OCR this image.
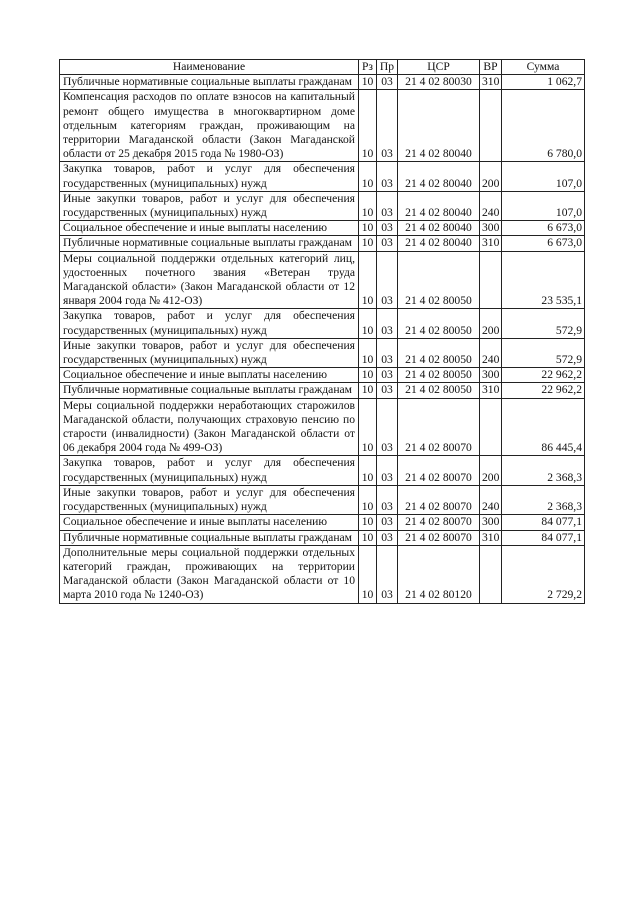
Наименование	Рз	Пр	ЦСР	ВР	Сумма
Публичные нормативные социальные выплаты гражданам	10	03	21 4 02 80030	310	1 062,7
Компенсация расходов по оплате взносов на капитальный ремонт общего имущества в многоквартирном доме отдельным категориям граждан, проживающим на территории Магаданской области (Закон Магаданской области от 25 декабря 2015 года № 1980-ОЗ)	10	03	21 4 02 80040		6 780,0
Закупка товаров, работ и услуг для обеспечения государственных (муниципальных) нужд	10	03	21 4 02 80040	200	107,0
Иные закупки товаров, работ и услуг для обеспечения государственных (муниципальных) нужд	10	03	21 4 02 80040	240	107,0
Социальное обеспечение и иные выплаты населению	10	03	21 4 02 80040	300	6 673,0
Публичные нормативные социальные выплаты гражданам	10	03	21 4 02 80040	310	6 673,0
Меры социальной поддержки отдельных категорий лиц, удостоенных почетного звания «Ветеран труда Магаданской области» (Закон Магаданской области от 12 января 2004 года № 412-ОЗ)	10	03	21 4 02 80050		23 535,1
Закупка товаров, работ и услуг для обеспечения государственных (муниципальных) нужд	10	03	21 4 02 80050	200	572,9
Иные закупки товаров, работ и услуг для обеспечения государственных (муниципальных) нужд	10	03	21 4 02 80050	240	572,9
Социальное обеспечение и иные выплаты населению	10	03	21 4 02 80050	300	22 962,2
Публичные нормативные социальные выплаты гражданам	10	03	21 4 02 80050	310	22 962,2
Меры социальной поддержки неработающих старожилов Магаданской области, получающих страховую пенсию по старости (инвалидности) (Закон Магаданской области от 06 декабря 2004 года № 499-ОЗ)	10	03	21 4 02 80070		86 445,4
Закупка товаров, работ и услуг для обеспечения государственных (муниципальных) нужд	10	03	21 4 02 80070	200	2 368,3
Иные закупки товаров, работ и услуг для обеспечения государственных (муниципальных) нужд	10	03	21 4 02 80070	240	2 368,3
Социальное обеспечение и иные выплаты населению	10	03	21 4 02 80070	300	84 077,1
Публичные нормативные социальные выплаты гражданам	10	03	21 4 02 80070	310	84 077,1
Дополнительные меры социальной поддержки отдельных категорий граждан, проживающих на территории Магаданской области (Закон Магаданской области от 10 марта 2010 года № 1240-ОЗ)	10	03	21 4 02 80120		2 729,2
